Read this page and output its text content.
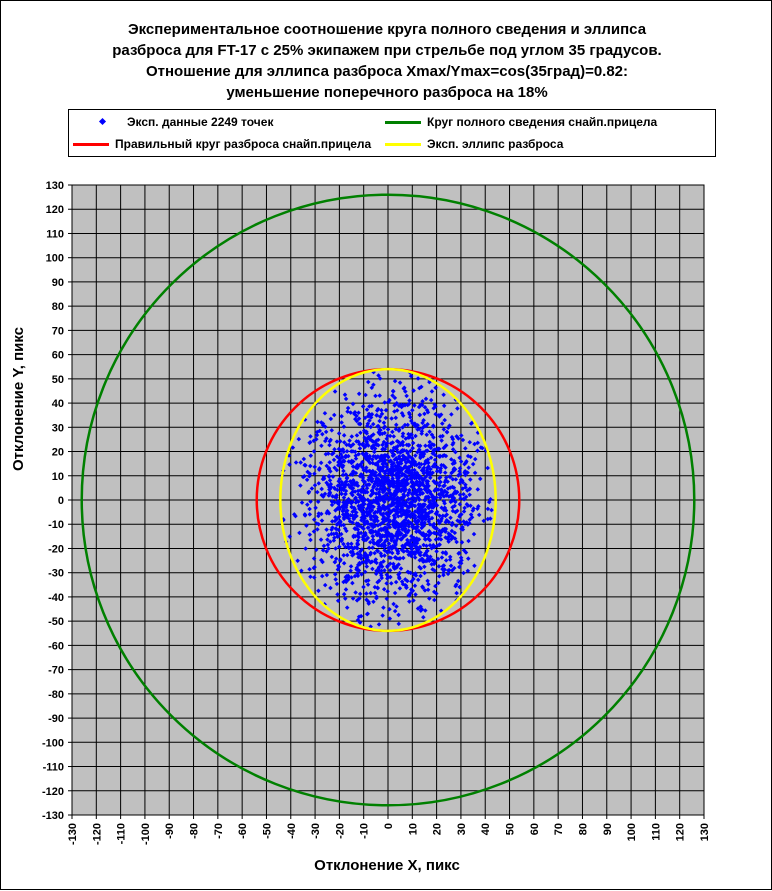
Экспериментальное соотношение круга полного сведения и эллипса
разброса для FT-17 с 25% экипажем при стрельбе под углом 35 градусов.
Отношение для эллипса разброса Xmax/Ymax=cos(35град)=0.82:
уменьшение поперечного разброса на 18%
Эксп. данные 2249 точек	Круг полного сведения снайп.прицела
Правильный круг разброса снайп.прицела	Эксп. эллипс разброса
130
120
110
100
90
80
70
60
50
40
30
20
10
0
-10
-20
-30
-40
-50
-60
-70
-80
-90
-100
-110
-120
-130
-130 -120 -110 -100 -90 -80 -70 -60 -50 -40 -30 -20 -10 0 10 20 30 40 50 60 70 80 90 100 110 120 130
Отклонение Y, пикс
Отклонение X, пикс
